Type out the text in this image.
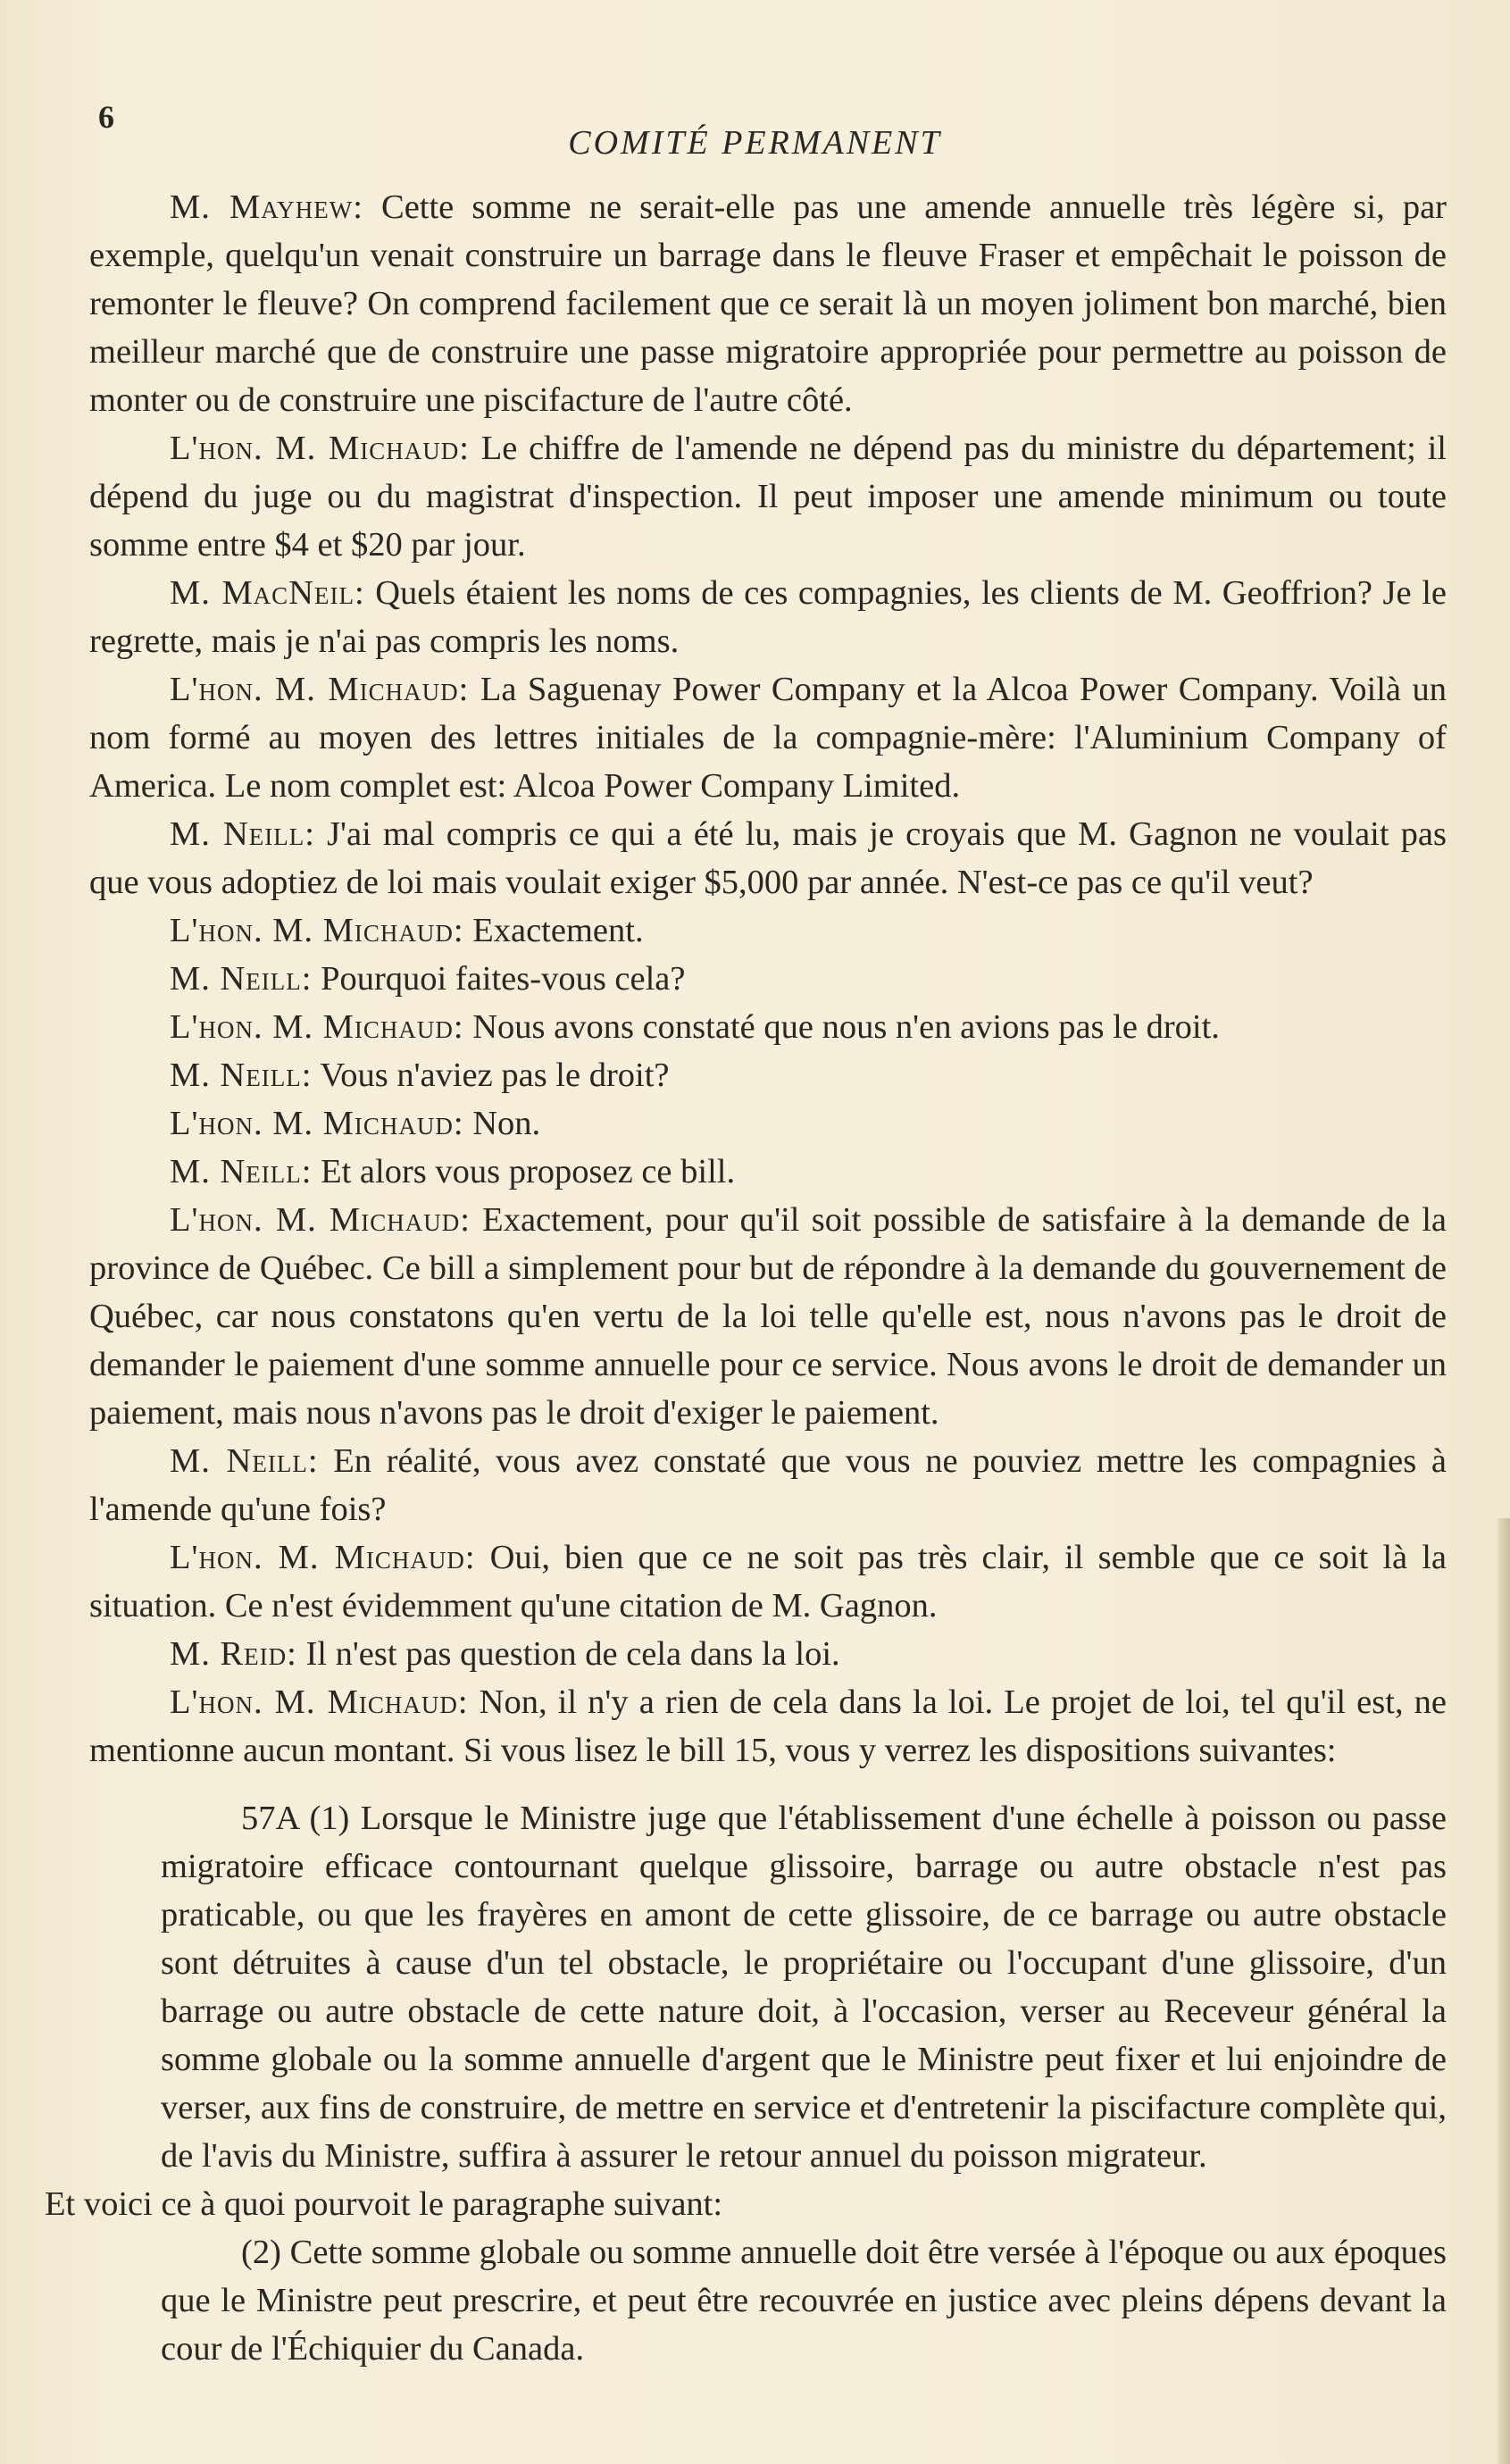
6
COMITÉ PERMANENT

M. Mayhew: Cette somme ne serait-elle pas une amende annuelle très légère si, par exemple, quelqu'un venait construire un barrage dans le fleuve Fraser et empêchait le poisson de remonter le fleuve? On comprend facilement que ce serait là un moyen joliment bon marché, bien meilleur marché que de construire une passe migratoire appropriée pour permettre au poisson de monter ou de construire une piscifacture de l'autre côté.

L'hon. M. Michaud: Le chiffre de l'amende ne dépend pas du ministre du département; il dépend du juge ou du magistrat d'inspection. Il peut imposer une amende minimum ou toute somme entre $4 et $20 par jour.

M. MacNeil: Quels étaient les noms de ces compagnies, les clients de M. Geoffrion? Je le regrette, mais je n'ai pas compris les noms.

L'hon. M. Michaud: La Saguenay Power Company et la Alcoa Power Company. Voilà un nom formé au moyen des lettres initiales de la compagnie-mère: l'Aluminium Company of America. Le nom complet est: Alcoa Power Company Limited.

M. Neill: J'ai mal compris ce qui a été lu, mais je croyais que M. Gagnon ne voulait pas que vous adoptiez de loi mais voulait exiger $5,000 par année. N'est-ce pas ce qu'il veut?

L'hon. M. Michaud: Exactement.

M. Neill: Pourquoi faites-vous cela?

L'hon. M. Michaud: Nous avons constaté que nous n'en avions pas le droit.

M. Neill: Vous n'aviez pas le droit?

L'hon. M. Michaud: Non.

M. Neill: Et alors vous proposez ce bill.

L'hon. M. Michaud: Exactement, pour qu'il soit possible de satisfaire à la demande de la province de Québec. Ce bill a simplement pour but de répondre à la demande du gouvernement de Québec, car nous constatons qu'en vertu de la loi telle qu'elle est, nous n'avons pas le droit de demander le paiement d'une somme annuelle pour ce service. Nous avons le droit de demander un paiement, mais nous n'avons pas le droit d'exiger le paiement.

M. Neill: En réalité, vous avez constaté que vous ne pouviez mettre les compagnies à l'amende qu'une fois?

L'hon. M. Michaud: Oui, bien que ce ne soit pas très clair, il semble que ce soit là la situation. Ce n'est évidemment qu'une citation de M. Gagnon.

M. Reid: Il n'est pas question de cela dans la loi.

L'hon. M. Michaud: Non, il n'y a rien de cela dans la loi. Le projet de loi, tel qu'il est, ne mentionne aucun montant. Si vous lisez le bill 15, vous y verrez les dispositions suivantes:

57A (1) Lorsque le Ministre juge que l'établissement d'une échelle à poisson ou passe migratoire efficace contournant quelque glissoire, barrage ou autre obstacle n'est pas praticable, ou que les frayères en amont de cette glissoire, de ce barrage ou autre obstacle sont détruites à cause d'un tel obstacle, le propriétaire ou l'occupant d'une glissoire, d'un barrage ou autre obstacle de cette nature doit, à l'occasion, verser au Receveur général la somme globale ou la somme annuelle d'argent que le Ministre peut fixer et lui enjoindre de verser, aux fins de construire, de mettre en service et d'entretenir la piscifacture complète qui, de l'avis du Ministre, suffira à assurer le retour annuel du poisson migrateur.

Et voici ce à quoi pourvoit le paragraphe suivant:

(2) Cette somme globale ou somme annuelle doit être versée à l'époque ou aux époques que le Ministre peut prescrire, et peut être recouvrée en justice avec pleins dépens devant la cour de l'Échiquier du Canada.
